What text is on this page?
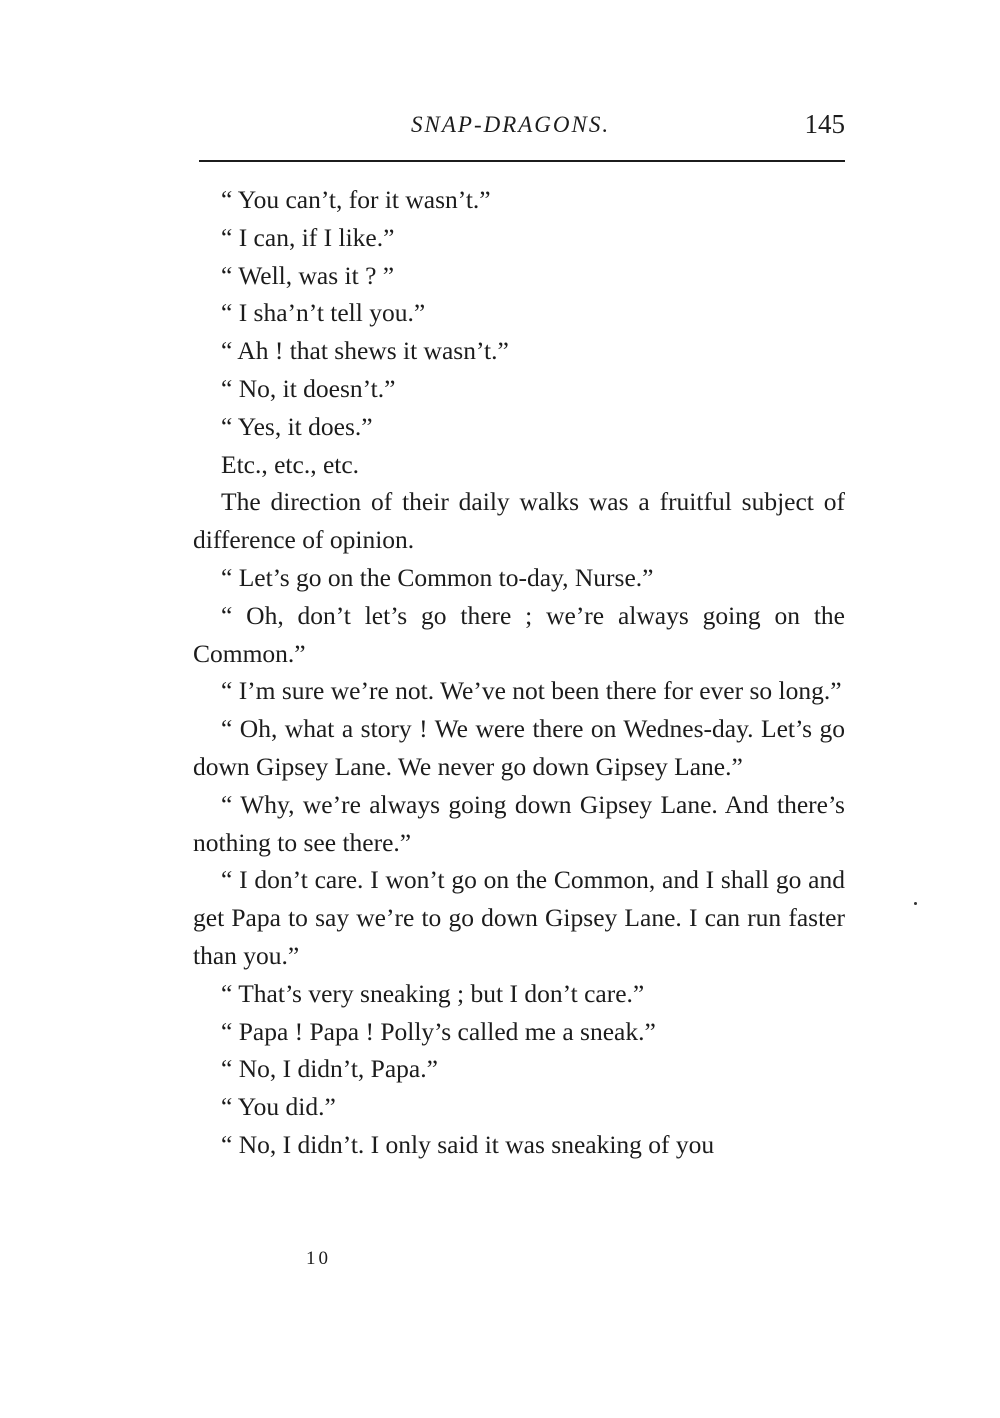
SNAP-DRAGONS.	145

“ You can’t, for it wasn’t.”

“ I can, if I like.”

“ Well, was it ? ”

“ I sha’n’t tell you.”

“ Ah ! that shews it wasn’t.”

“ No, it doesn’t.”

“ Yes, it does.”

Etc., etc., etc.

The direction of their daily walks was a fruitful subject of difference of opinion.

“ Let’s go on the Common to-day, Nurse.”

“ Oh, don’t let’s go there ; we’re always going on the Common.”

“ I’m sure we’re not. We’ve not been there for ever so long.”

“ Oh, what a story ! We were there on Wednes-day. Let’s go down Gipsey Lane. We never go down Gipsey Lane.”

“ Why, we’re always going down Gipsey Lane. And there’s nothing to see there.”

“ I don’t care. I won’t go on the Common, and I shall go and get Papa to say we’re to go down Gipsey Lane. I can run faster than you.”

“ That’s very sneaking ; but I don’t care.”

“ Papa ! Papa ! Polly’s called me a sneak.”

“ No, I didn’t, Papa.”

“ You did.”

“ No, I didn’t. I only said it was sneaking of you

10
